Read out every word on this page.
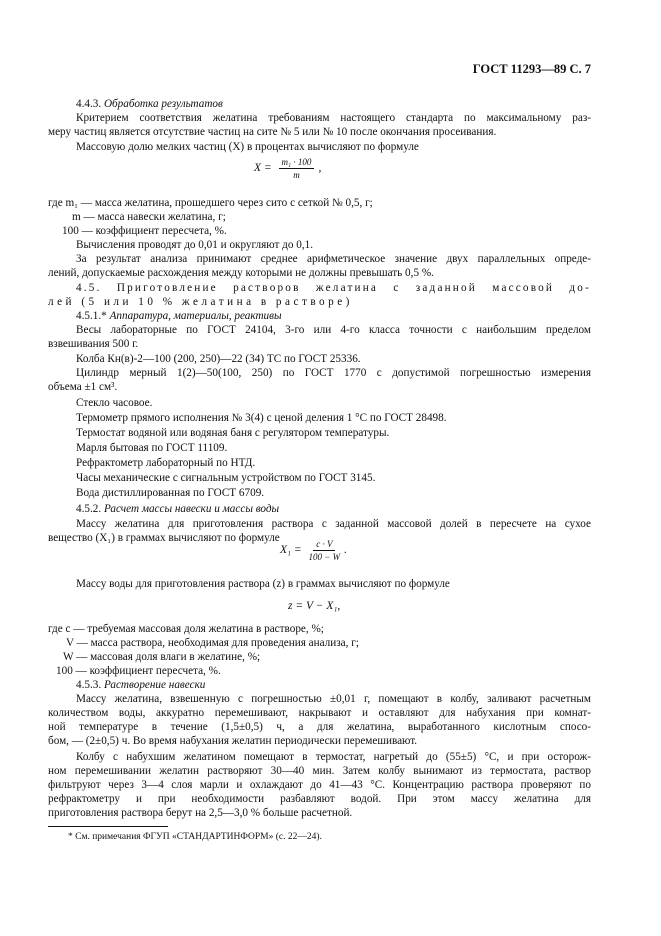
ГОСТ 11293—89 С. 7
4.4.3. Обработка результатов
Критерием соответствия желатина требованиям настоящего стандарта по максимальному раз-
меру частиц является отсутствие частиц на сите № 5 или № 10 после окончания просеивания.
Массовую долю мелких частиц (X) в процентах вычисляют по формуле
$X = \frac{\text{m₁ · 100}}{m}$ ,
где m₁ — масса желатина, прошедшего через сито с сеткой № 0,5, г;
m — масса навески желатина, г;
100 — коэффициент пересчета, %.
Вычисления проводят до 0,01 и округляют до 0,1.
За результат анализа принимают среднее арифметическое значение двух параллельных опреде-
лений, допускаемые расхождения между которыми не должны превышать 0,5 %.
4.5. Приготовление растворов желатина с заданной массовой до-
лей (5 или 10 % желатина в растворе)
4.5.1.* Аппаратура, материалы, реактивы
Весы лабораторные по ГОСТ 24104, 3-го или 4-го класса точности с наибольшим пределом
взвешивания 500 г.
Колба Кн(в)-2—100 (200, 250)—22 (34) ТС по ГОСТ 25336.
Цилиндр мерный 1(2)—50(100, 250) по ГОСТ 1770 с допустимой погрешностью измерения
объема ±1 см³.
Стекло часовое.
Термометр прямого исполнения № 3(4) с ценой деления 1 °С по ГОСТ 28498.
Термостат водяной или водяная баня с регулятором температуры.
Марля бытовая по ГОСТ 11109.
Рефрактометр лабораторный по НТД.
Часы механические с сигнальным устройством по ГОСТ 3145.
Вода дистиллированная по ГОСТ 6709.
4.5.2. Расчет массы навески и массы воды
Массу желатина для приготовления раствора с заданной массовой долей в пересчете на сухое
вещество (X₁) в граммах вычисляют по формуле
$X_1 = \frac{c \cdot V}{100 - W}$ .
Массу воды для приготовления раствора (z) в граммах вычисляют по формуле
z = V − X₁,
где c — требуемая массовая доля желатина в растворе, %;
V — масса раствора, необходимая для проведения анализа, г;
W — массовая доля влаги в желатине, %;
100 — коэффициент пересчета, %.
4.5.3. Растворение навески
Массу желатина, взвешенную с погрешностью ±0,01 г, помещают в колбу, заливают расчетным
количеством воды, аккуратно перемешивают, накрывают и оставляют для набухания при комнат-
ной температуре в течение (1,5±0,5) ч, а для желатина, выработанного кислотным спосо-
бом, — (2±0,5) ч. Во время набухания желатин периодически перемешивают.
Колбу с набухшим желатином помещают в термостат, нагретый до (55±5) °С, и при осторож-
ном перемешивании желатин растворяют 30—40 мин. Затем колбу вынимают из термостата, раствор
фильтруют через 3—4 слоя марли и охлаждают до 41—43 °С. Концентрацию раствора проверяют по
рефрактометру и при необходимости разбавляют водой. При этом массу желатина для
приготовления раствора берут на 2,5—3,0 % больше расчетной.
* См. примечания ФГУП «СТАНДАРТИНФОРМ» (с. 22—24).
